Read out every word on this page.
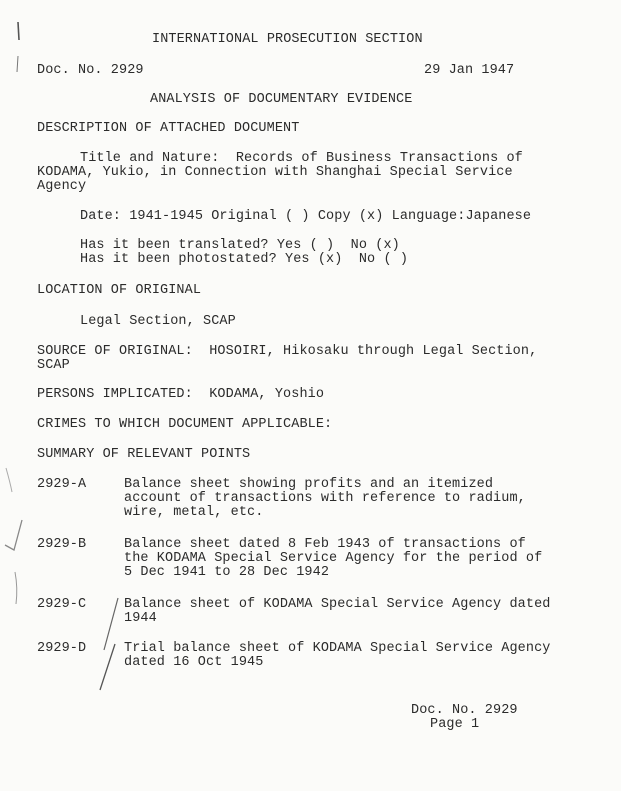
INTERNATIONAL PROSECUTION SECTION
Doc. No. 2929	29 Jan 1947
ANALYSIS OF DOCUMENTARY EVIDENCE
DESCRIPTION OF ATTACHED DOCUMENT
Title and Nature:  Records of Business Transactions of
KODAMA, Yukio, in Connection with Shanghai Special Service
Agency
Date: 1941-1945 Original ( ) Copy (x) Language:Japanese
Has it been translated? Yes ( )  No (x)
Has it been photostated? Yes (x)  No ( )
LOCATION OF ORIGINAL
Legal Section, SCAP
SOURCE OF ORIGINAL:  HOSOIRI, Hikosaku through Legal Section,
SCAP
PERSONS IMPLICATED:  KODAMA, Yoshio
CRIMES TO WHICH DOCUMENT APPLICABLE:
SUMMARY OF RELEVANT POINTS
2929-A	Balance sheet showing profits and an itemized
account of transactions with reference to radium,
wire, metal, etc.
2929-B	Balance sheet dated 8 Feb 1943 of transactions of
the KODAMA Special Service Agency for the period of
5 Dec 1941 to 28 Dec 1942
2929-C	Balance sheet of KODAMA Special Service Agency dated
1944
2929-D	Trial balance sheet of KODAMA Special Service Agency
dated 16 Oct 1945
Doc. No. 2929
Page 1
